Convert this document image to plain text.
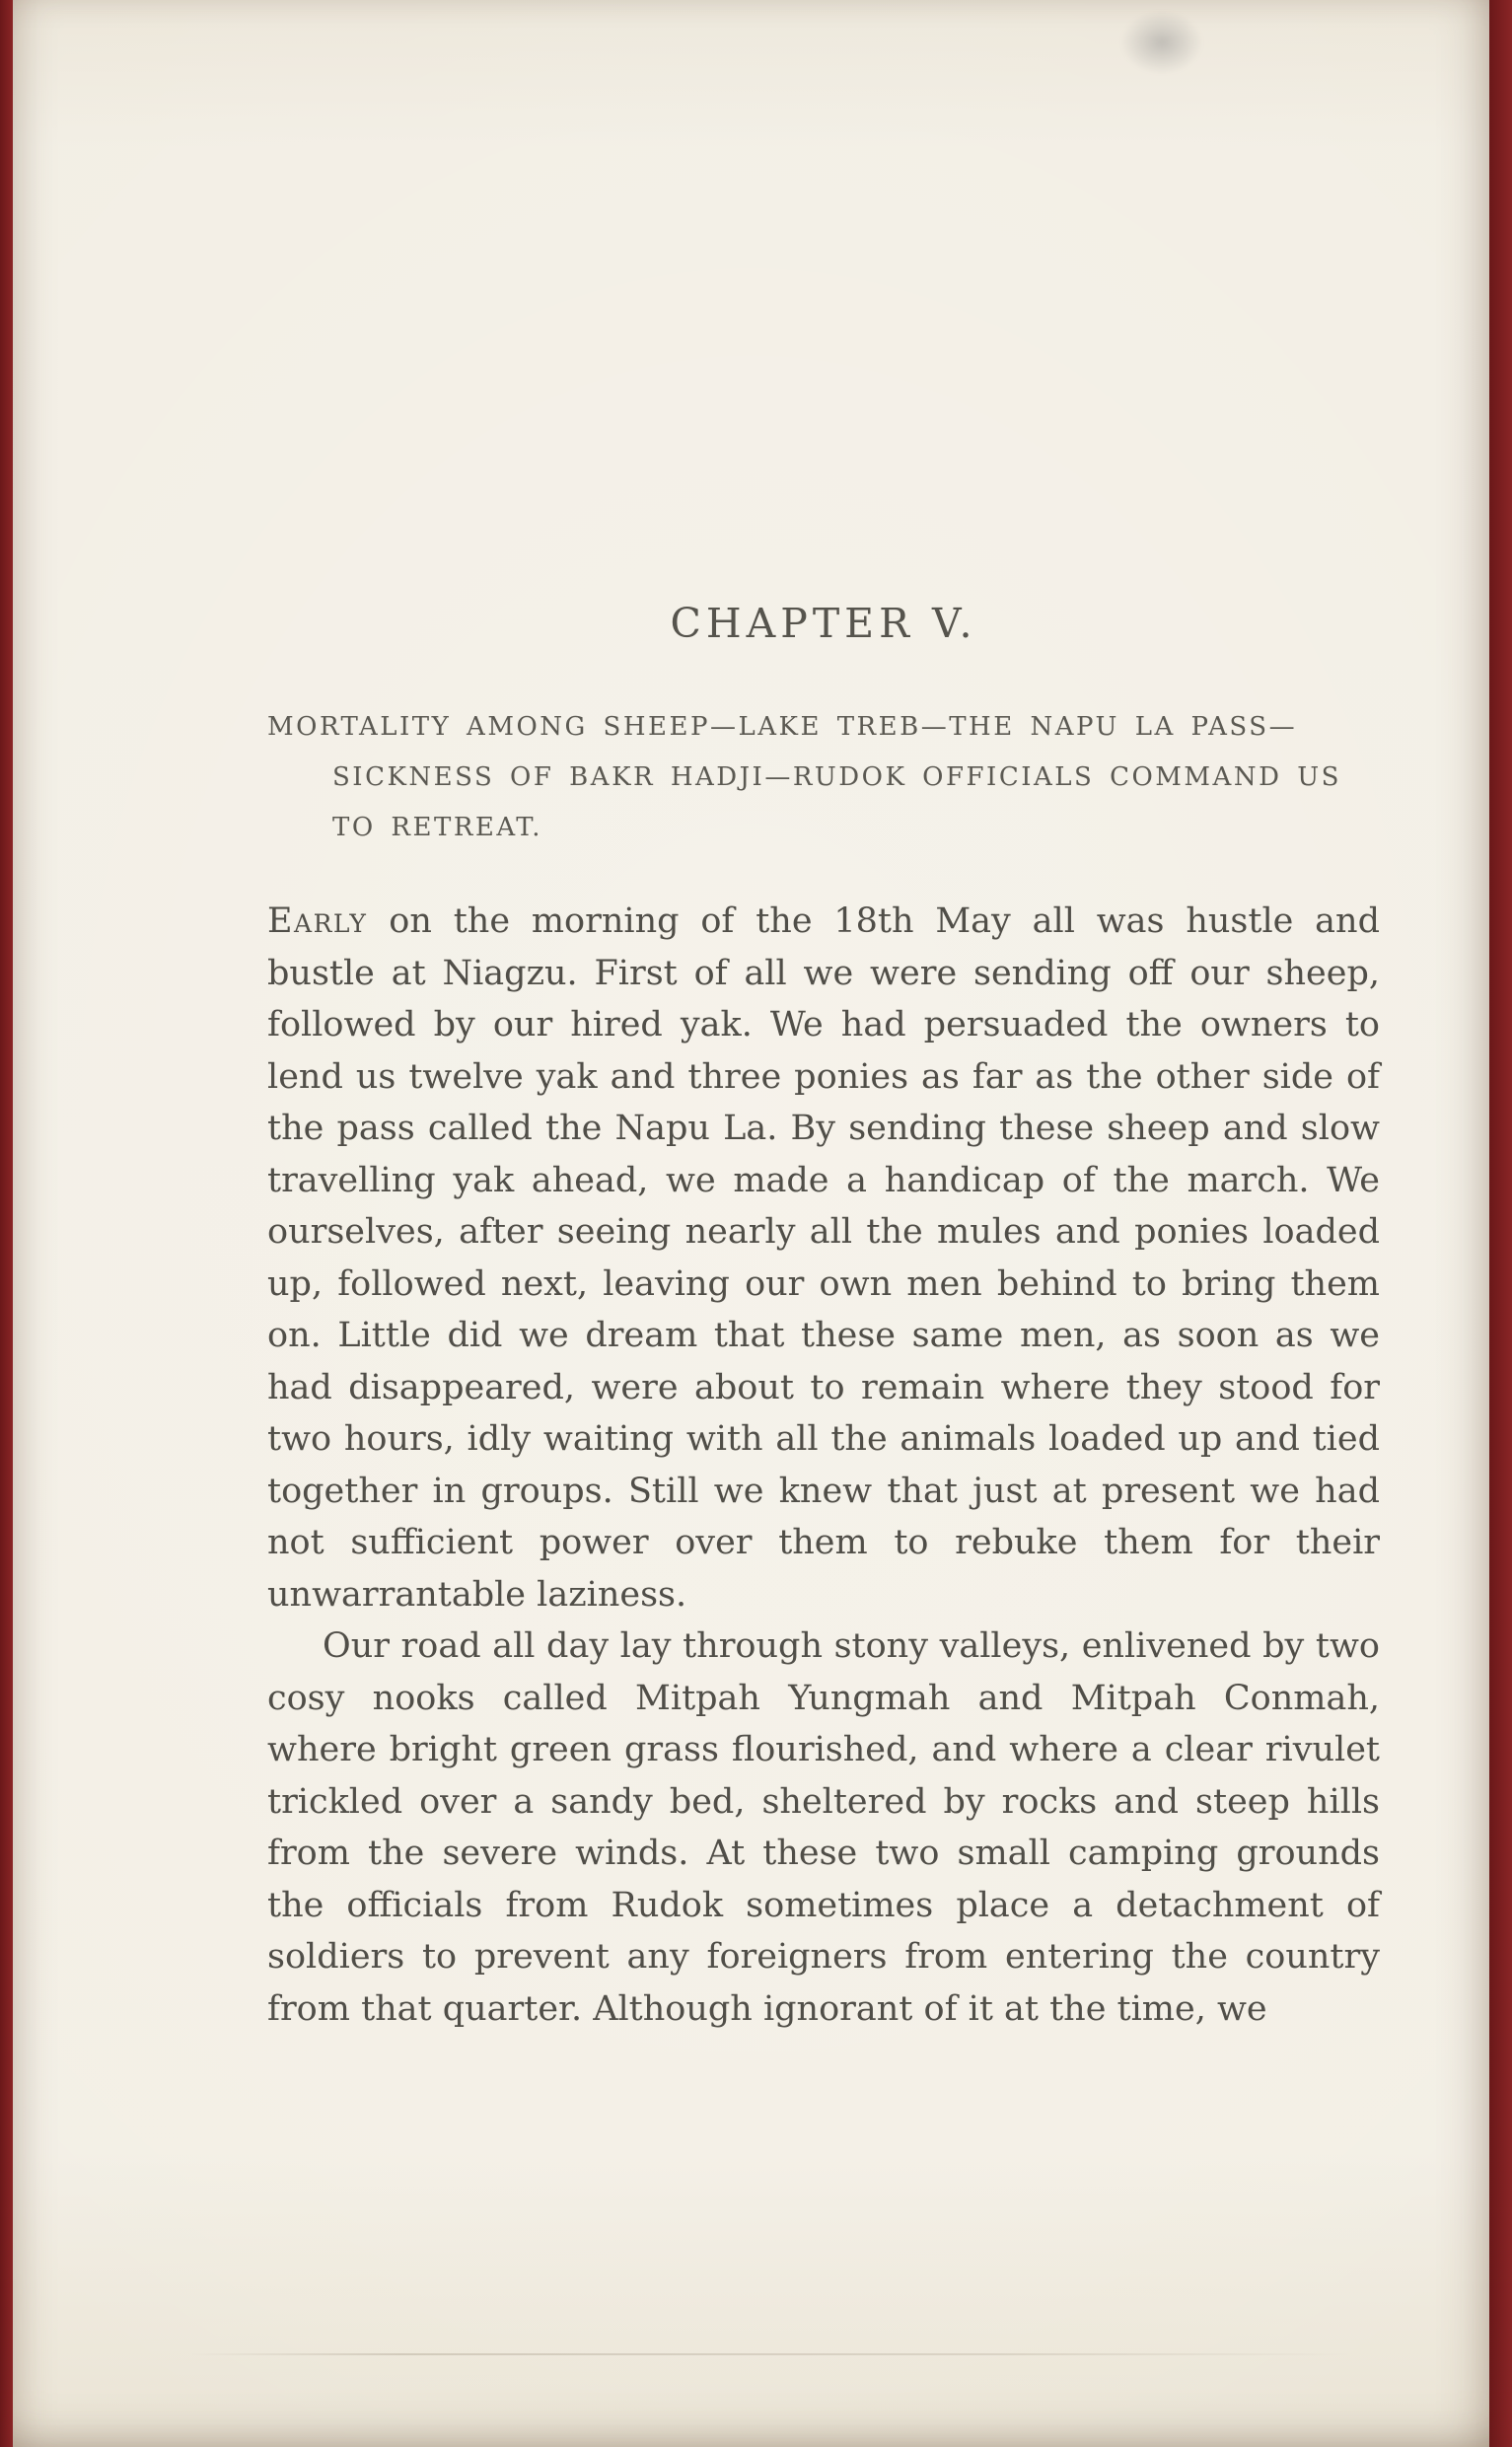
CHAPTER V.
MORTALITY AMONG SHEEP—LAKE TREB—THE NAPU LA PASS—
SICKNESS OF BAKR HADJI—RUDOK OFFICIALS COMMAND US
TO RETREAT.

Early on the morning of the 18th May all was hustle and bustle at Niagzu. First of all we were sending off our sheep, followed by our hired yak. We had persuaded the owners to lend us twelve yak and three ponies as far as the other side of the pass called the Napu La. By sending these sheep and slow travelling yak ahead, we made a handicap of the march. We ourselves, after seeing nearly all the mules and ponies loaded up, followed next, leaving our own men behind to bring them on. Little did we dream that these same men, as soon as we had disappeared, were about to remain where they stood for two hours, idly waiting with all the animals loaded up and tied together in groups. Still we knew that just at present we had not sufficient power over them to rebuke them for their unwarrantable laziness.

Our road all day lay through stony valleys, enlivened by two cosy nooks called Mitpah Yungmah and Mitpah Conmah, where bright green grass flourished, and where a clear rivulet trickled over a sandy bed, sheltered by rocks and steep hills from the severe winds. At these two small camping grounds the officials from Rudok sometimes place a detachment of soldiers to prevent any foreigners from entering the country from that quarter. Although ignorant of it at the time, we
